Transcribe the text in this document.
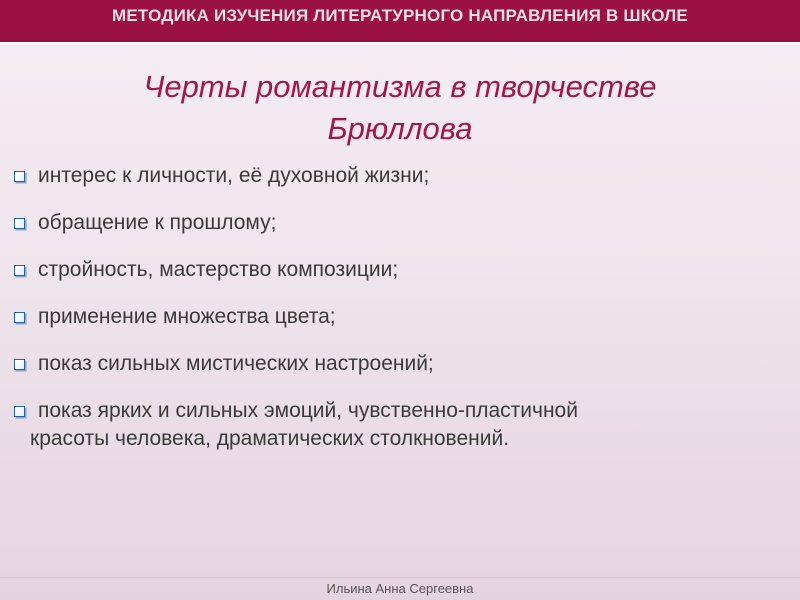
МЕТОДИКА ИЗУЧЕНИЯ ЛИТЕРАТУРНОГО НАПРАВЛЕНИЯ В ШКОЛЕ
Черты романтизма в творчестве
Брюллова
интерес к личности, её духовной жизни;
обращение к прошлому;
стройность, мастерство композиции;
применение множества цвета;
показ сильных мистических настроений;
показ ярких и сильных эмоций, чувственно-пластичной
красоты человека, драматических столкновений.
Ильина Анна Сергеевна
